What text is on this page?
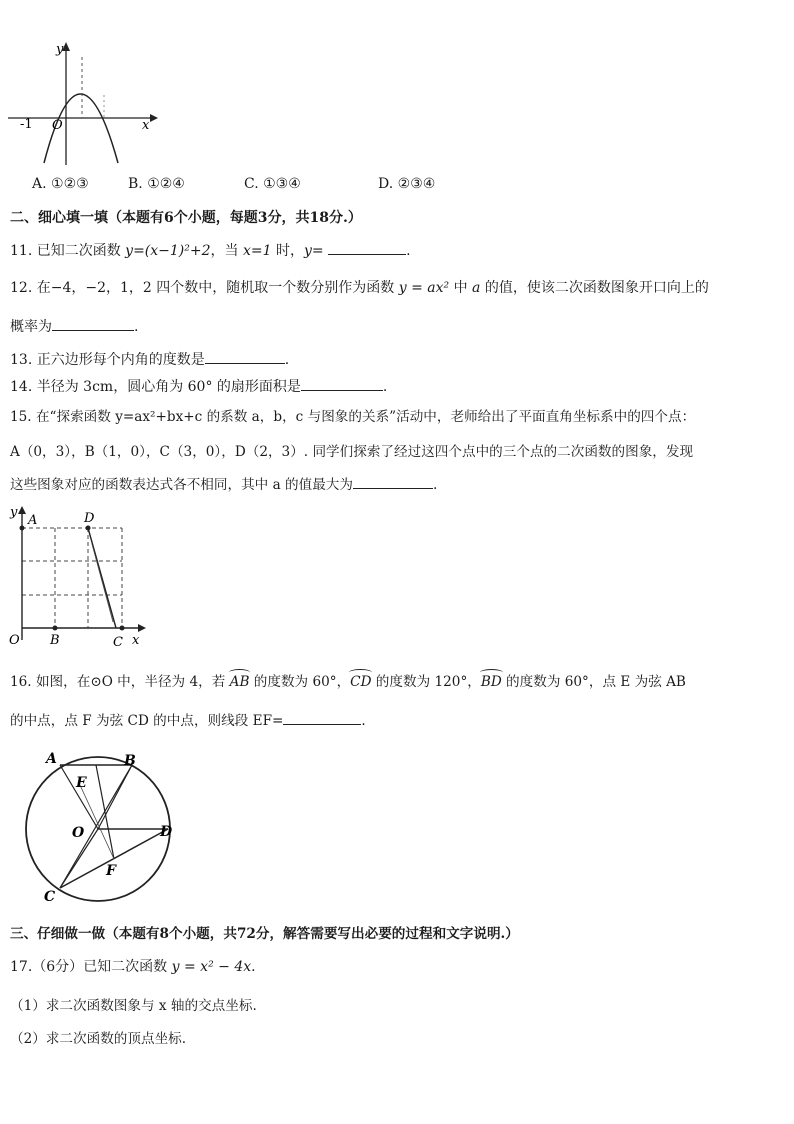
y
x
-1 O
A. ①②③	B. ①②④	C. ①③④	D. ②③④
二、细心填一填（本题有6个小题，每题3分，共18分.）
11. 已知二次函数 y=(x−1)²+2，当 x=1 时，y=	.
12. 在−4，−2，1，2 四个数中，随机取一个数分别作为函数 y = ax² 中 a 的值，使该二次函数图象开口向上的
概率为	.
13. 正六边形每个内角的度数是	.
14. 半径为 3cm，圆心角为 60° 的扇形面积是	.
15. 在“探索函数 y=ax²+bx+c 的系数 a，b，c 与图象的关系”活动中，老师给出了平面直角坐标系中的四个点：
A（0，3），B（1，0），C（3，0），D（2，3）. 同学们探索了经过这四个点中的三个点的二次函数的图象，发现
这些图象对应的函数表达式各不相同，其中 a 的值最大为	.
y
x
O
A	D
B	C
16. 如图，在⊙O 中，半径为 4，若 AB 的度数为 60°，CD 的度数为 120°，BD 的度数为 60°，点 E 为弦 AB
的中点，点 F 为弦 CD 的中点，则线段 EF=	.
A	B
E
O	D
F
C
三、仔细做一做（本题有8个小题，共72分，解答需要写出必要的过程和文字说明.）
17.（6分）已知二次函数 y = x² − 4x.
（1）求二次函数图象与 x 轴的交点坐标.
（2）求二次函数的顶点坐标.
